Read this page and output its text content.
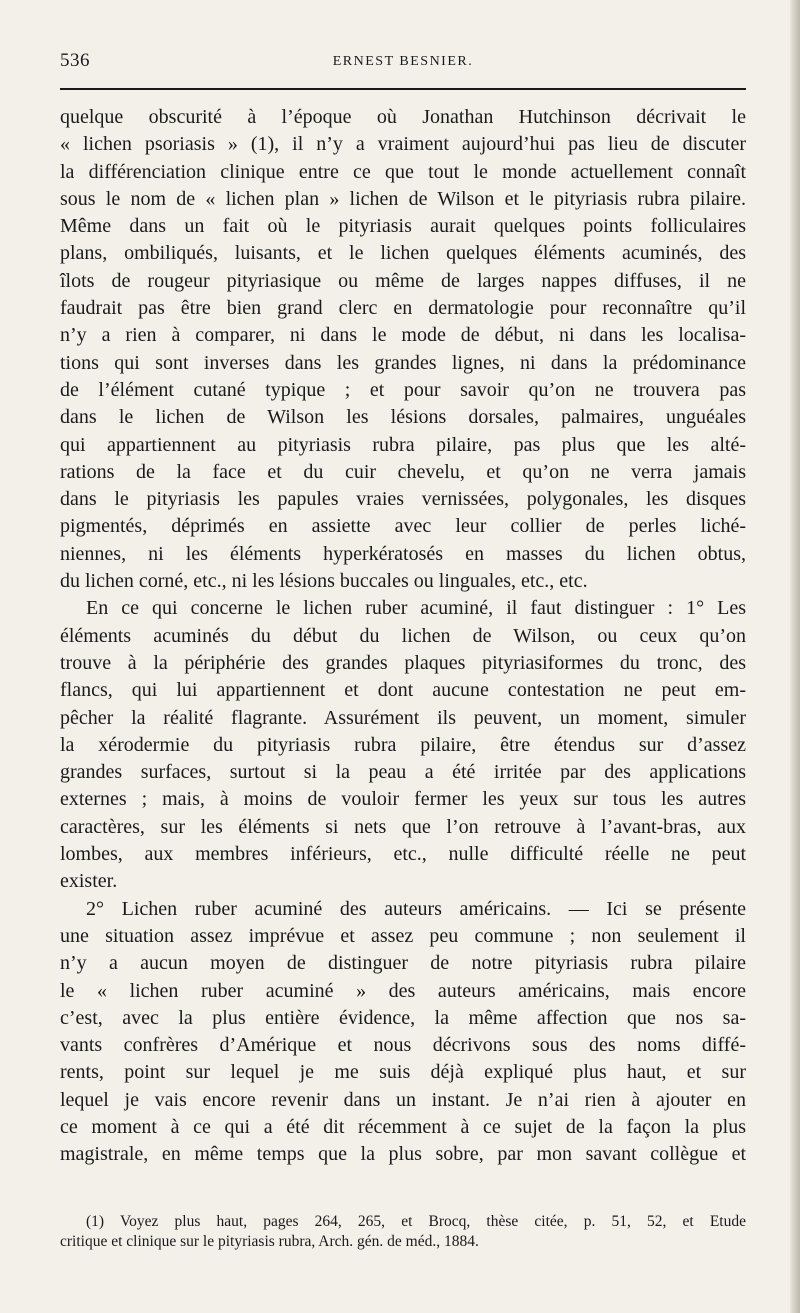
536	ERNEST BESNIER.
quelque obscurité à l’époque où Jonathan Hutchinson décrivait le
« lichen psoriasis » (1), il n’y a vraiment aujourd’hui pas lieu de discuter
la différenciation clinique entre ce que tout le monde actuellement connaît
sous le nom de « lichen plan » lichen de Wilson et le pityriasis rubra pilaire.
Même dans un fait où le pityriasis aurait quelques points folliculaires
plans, ombiliqués, luisants, et le lichen quelques éléments acuminés, des
îlots de rougeur pityriasique ou même de larges nappes diffuses, il ne
faudrait pas être bien grand clerc en dermatologie pour reconnaître qu’il
n’y a rien à comparer, ni dans le mode de début, ni dans les localisa-
tions qui sont inverses dans les grandes lignes, ni dans la prédominance
de l’élément cutané typique ; et pour savoir qu’on ne trouvera pas
dans le lichen de Wilson les lésions dorsales, palmaires, unguéales
qui appartiennent au pityriasis rubra pilaire, pas plus que les alté-
rations de la face et du cuir chevelu, et qu’on ne verra jamais
dans le pityriasis les papules vraies vernissées, polygonales, les disques
pigmentés, déprimés en assiette avec leur collier de perles liché-
niennes, ni les éléments hyperkératosés en masses du lichen obtus,
du lichen corné, etc., ni les lésions buccales ou linguales, etc., etc.
En ce qui concerne le lichen ruber acuminé, il faut distinguer : 1° Les
éléments acuminés du début du lichen de Wilson, ou ceux qu’on
trouve à la périphérie des grandes plaques pityriasiformes du tronc, des
flancs, qui lui appartiennent et dont aucune contestation ne peut em-
pêcher la réalité flagrante. Assurément ils peuvent, un moment, simuler
la xérodermie du pityriasis rubra pilaire, être étendus sur d’assez
grandes surfaces, surtout si la peau a été irritée par des applications
externes ; mais, à moins de vouloir fermer les yeux sur tous les autres
caractères, sur les éléments si nets que l’on retrouve à l’avant-bras, aux
lombes, aux membres inférieurs, etc., nulle difficulté réelle ne peut
exister.
2° Lichen ruber acuminé des auteurs américains. — Ici se présente
une situation assez imprévue et assez peu commune ; non seulement il
n’y a aucun moyen de distinguer de notre pityriasis rubra pilaire
le « lichen ruber acuminé » des auteurs américains, mais encore
c’est, avec la plus entière évidence, la même affection que nos sa-
vants confrères d’Amérique et nous décrivons sous des noms diffé-
rents, point sur lequel je me suis déjà expliqué plus haut, et sur
lequel je vais encore revenir dans un instant. Je n’ai rien à ajouter en
ce moment à ce qui a été dit récemment à ce sujet de la façon la plus
magistrale, en même temps que la plus sobre, par mon savant collègue et
(1) Voyez plus haut, pages 264, 265, et Brocq, thèse citée, p. 51, 52, et Etude
critique et clinique sur le pityriasis rubra, Arch. gén. de méd., 1884.
